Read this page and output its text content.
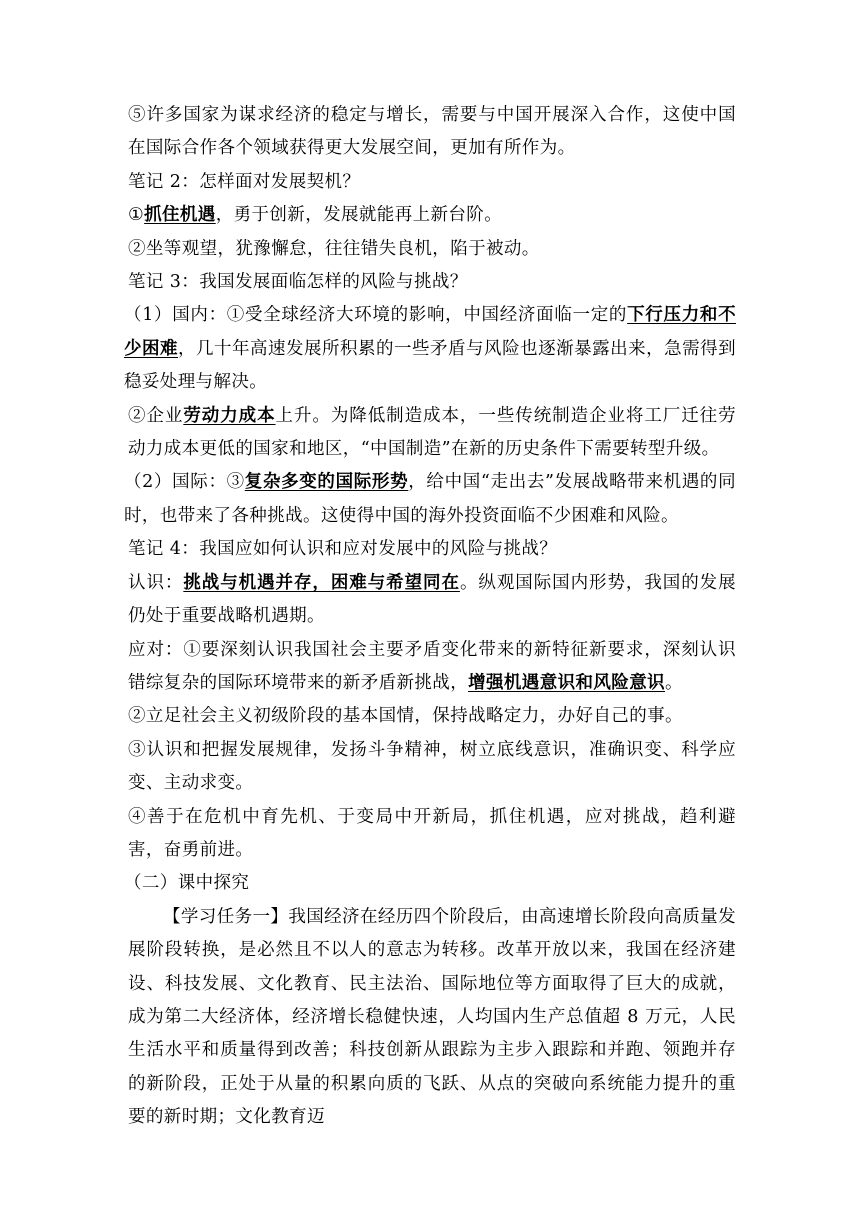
⑤许多国家为谋求经济的稳定与增长，需要与中国开展深入合作，这使中国在国际合作各个领域获得更大发展空间，更加有所作为。

笔记 2：怎样面对发展契机？

①抓住机遇，勇于创新，发展就能再上新台阶。

②坐等观望，犹豫懈怠，往往错失良机，陷于被动。

笔记 3：我国发展面临怎样的风险与挑战？

（1）国内：①受全球经济大环境的影响，中国经济面临一定的下行压力和不少困难，几十年高速发展所积累的一些矛盾与风险也逐渐暴露出来，急需得到稳妥处理与解决。

②企业劳动力成本上升。为降低制造成本，一些传统制造企业将工厂迁往劳动力成本更低的国家和地区，“中国制造”在新的历史条件下需要转型升级。

（2）国际：③复杂多变的国际形势，给中国“走出去”发展战略带来机遇的同时，也带来了各种挑战。这使得中国的海外投资面临不少困难和风险。

笔记 4：我国应如何认识和应对发展中的风险与挑战？

认识：挑战与机遇并存，困难与希望同在。纵观国际国内形势，我国的发展仍处于重要战略机遇期。

应对：①要深刻认识我国社会主要矛盾变化带来的新特征新要求，深刻认识错综复杂的国际环境带来的新矛盾新挑战，增强机遇意识和风险意识。

②立足社会主义初级阶段的基本国情，保持战略定力，办好自己的事。

③认识和把握发展规律，发扬斗争精神，树立底线意识，准确识变、科学应变、主动求变。

④善于在危机中育先机、于变局中开新局，抓住机遇，应对挑战，趋利避害，奋勇前进。

（二）课中探究

【学习任务一】我国经济在经历四个阶段后，由高速增长阶段向高质量发展阶段转换，是必然且不以人的意志为转移。改革开放以来，我国在经济建设、科技发展、文化教育、民主法治、国际地位等方面取得了巨大的成就，成为第二大经济体，经济增长稳健快速，人均国内生产总值超 8 万元，人民生活水平和质量得到改善；科技创新从跟踪为主步入跟踪和并跑、领跑并存的新阶段，正处于从量的积累向质的飞跃、从点的突破向系统能力提升的重要的新时期；文化教育迈
